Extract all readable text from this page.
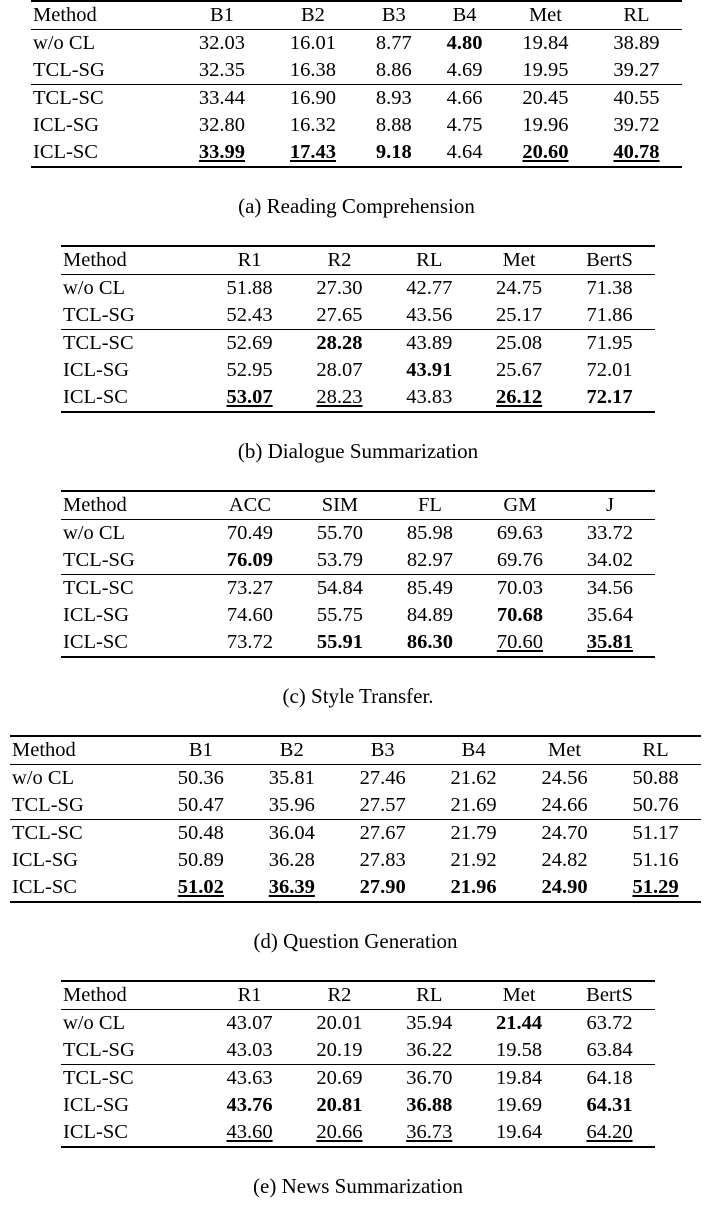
Method	B1	B2	B3	B4	Met	RL
w/o CL	32.03	16.01	8.77	4.80	19.84	38.89
TCL-SG	32.35	16.38	8.86	4.69	19.95	39.27
TCL-SC	33.44	16.90	8.93	4.66	20.45	40.55
ICL-SG	32.80	16.32	8.88	4.75	19.96	39.72
ICL-SC	33.99	17.43	9.18	4.64	20.60	40.78
(a) Reading Comprehension
Method	R1	R2	RL	Met	BertS
w/o CL	51.88	27.30	42.77	24.75	71.38
TCL-SG	52.43	27.65	43.56	25.17	71.86
TCL-SC	52.69	28.28	43.89	25.08	71.95
ICL-SG	52.95	28.07	43.91	25.67	72.01
ICL-SC	53.07	28.23	43.83	26.12	72.17
(b) Dialogue Summarization
Method	ACC	SIM	FL	GM	J
w/o CL	70.49	55.70	85.98	69.63	33.72
TCL-SG	76.09	53.79	82.97	69.76	34.02
TCL-SC	73.27	54.84	85.49	70.03	34.56
ICL-SG	74.60	55.75	84.89	70.68	35.64
ICL-SC	73.72	55.91	86.30	70.60	35.81
(c) Style Transfer.
Method	B1	B2	B3	B4	Met	RL
w/o CL	50.36	35.81	27.46	21.62	24.56	50.88
TCL-SG	50.47	35.96	27.57	21.69	24.66	50.76
TCL-SC	50.48	36.04	27.67	21.79	24.70	51.17
ICL-SG	50.89	36.28	27.83	21.92	24.82	51.16
ICL-SC	51.02	36.39	27.90	21.96	24.90	51.29
(d) Question Generation
Method	R1	R2	RL	Met	BertS
w/o CL	43.07	20.01	35.94	21.44	63.72
TCL-SG	43.03	20.19	36.22	19.58	63.84
TCL-SC	43.63	20.69	36.70	19.84	64.18
ICL-SG	43.76	20.81	36.88	19.69	64.31
ICL-SC	43.60	20.66	36.73	19.64	64.20
(e) News Summarization
